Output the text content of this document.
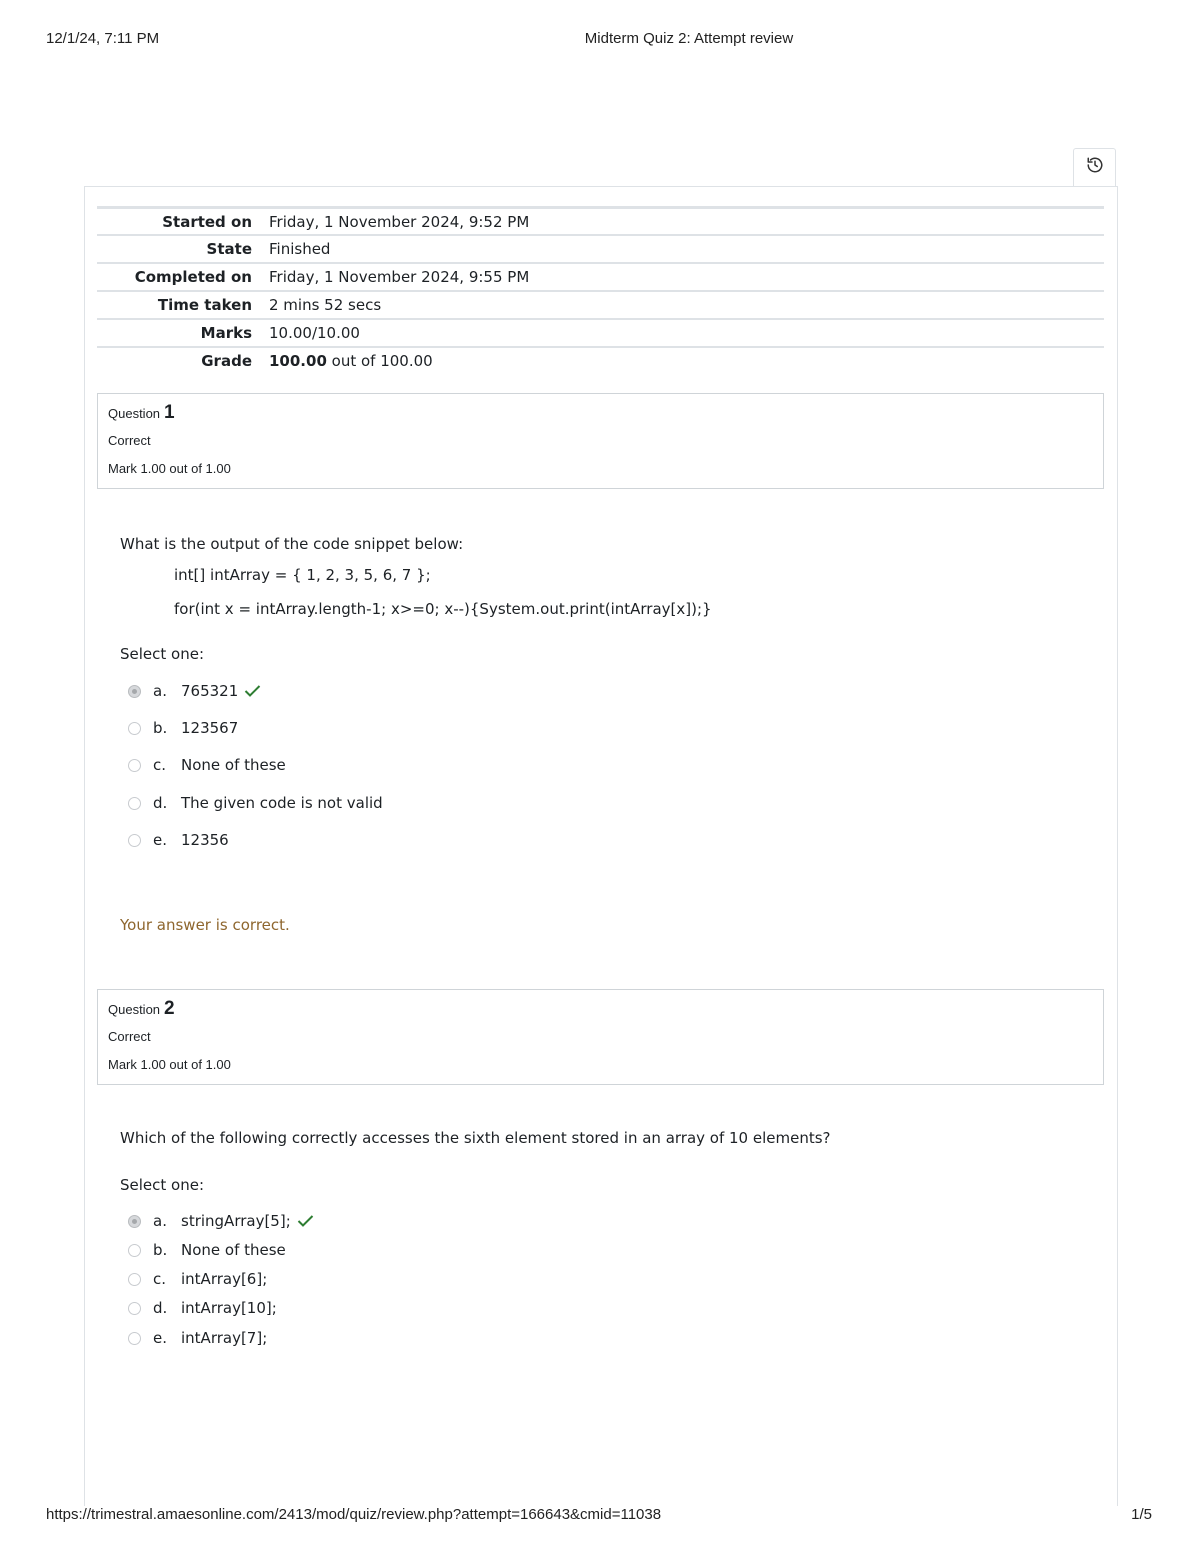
12/1/24, 7:11 PM	Midterm Quiz 2: Attempt review
Started on	Friday, 1 November 2024, 9:52 PM
State	Finished
Completed on	Friday, 1 November 2024, 9:55 PM
Time taken	2 mins 52 secs
Marks	10.00/10.00
Grade	100.00 out of 100.00
Question 1
Correct
Mark 1.00 out of 1.00
What is the output of the code snippet below:
int[] intArray = { 1, 2, 3, 5, 6, 7 };
for(int x = intArray.length-1; x>=0; x--){System.out.print(intArray[x]);}
Select one:
a. 765321
b. 123567
c. None of these
d. The given code is not valid
e. 12356
Your answer is correct.
Question 2
Correct
Mark 1.00 out of 1.00
Which of the following correctly accesses the sixth element stored in an array of 10 elements?
Select one:
a. stringArray[5];
b. None of these
c. intArray[6];
d. intArray[10];
e. intArray[7];
https://trimestral.amaesonline.com/2413/mod/quiz/review.php?attempt=166643&cmid=11038	1/5
